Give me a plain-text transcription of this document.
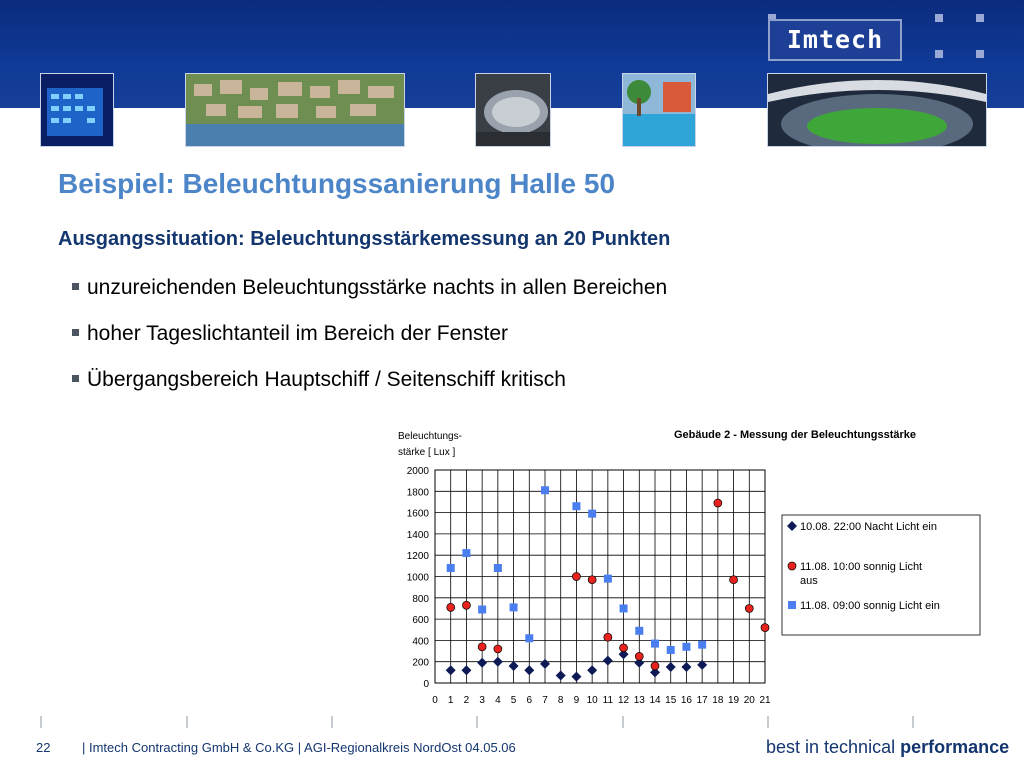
Imtech
Beispiel: Beleuchtungssanierung Halle 50
Ausgangssituation: Beleuchtungsstärkemessung an 20 Punkten
unzureichenden Beleuchtungsstärke nachts in allen Bereichen
hoher Tageslichtanteil im Bereich der Fenster
Übergangsbereich Hauptschiff / Seitenschiff kritisch
Gebäude 2 - Messung der Beleuchtungsstärke
Beleuchtungs-
stärke [ Lux ]
0
200
400
600
800
1000
1200
1400
1600
1800
2000
0 1 2 3 4 5 6 7 8 9 10 11 12 13 14 15 16 17 18 19 20 21
10.08. 22:00 Nacht Licht ein
11.08. 10:00 sonnig Licht
aus
11.08. 09:00 sonnig Licht ein
22 | Imtech Contracting GmbH & Co.KG | AGI-Regionalkreis NordOst 04.05.06	best in technical performance
